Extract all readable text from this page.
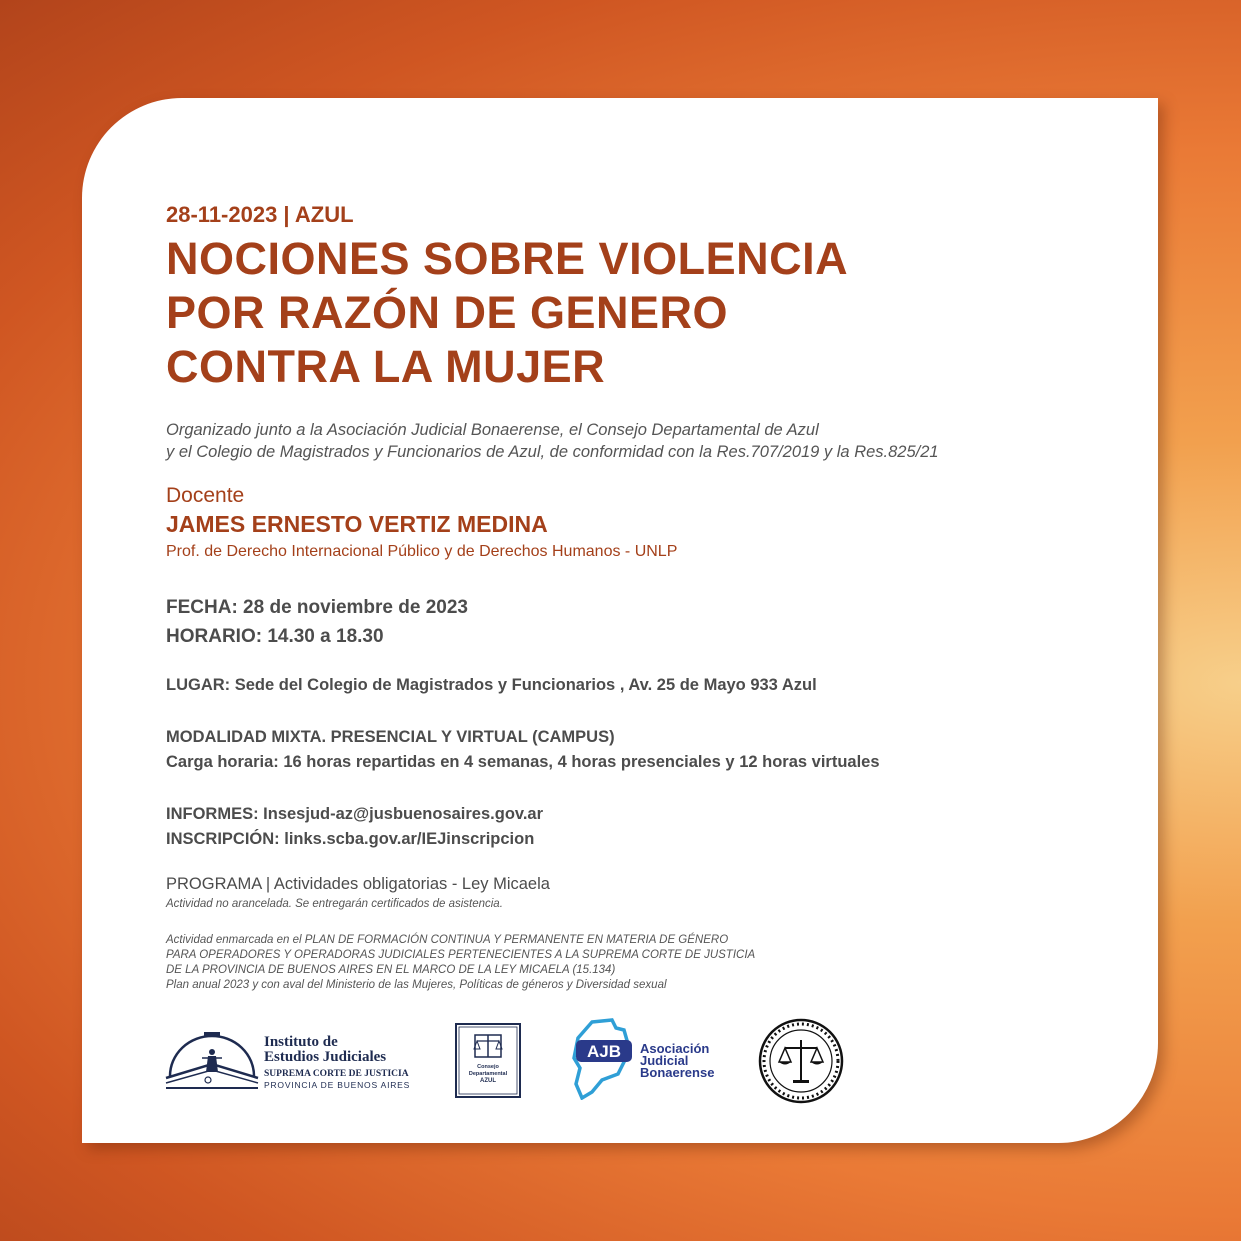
28-11-2023 | AZUL
NOCIONES SOBRE VIOLENCIA
POR RAZÓN DE GENERO
CONTRA LA MUJER
Organizado junto a la Asociación Judicial Bonaerense, el Consejo Departamental de Azul
y el Colegio de Magistrados y Funcionarios de Azul, de conformidad con la Res.707/2019 y la Res.825/21
Docente
JAMES ERNESTO VERTIZ MEDINA
Prof. de Derecho Internacional Público y de Derechos Humanos - UNLP
FECHA: 28 de noviembre de 2023
HORARIO: 14.30 a 18.30
LUGAR: Sede del Colegio de Magistrados y Funcionarios , Av. 25 de Mayo 933 Azul
MODALIDAD MIXTA. PRESENCIAL Y VIRTUAL (CAMPUS)
Carga horaria: 16 horas repartidas en 4 semanas, 4 horas presenciales y 12 horas virtuales
INFORMES: Insesjud-az@jusbuenosaires.gov.ar
INSCRIPCIÓN: links.scba.gov.ar/IEJinscripcion
PROGRAMA | Actividades obligatorias - Ley Micaela
Actividad no arancelada. Se entregarán certificados de asistencia.
Actividad enmarcada en el PLAN DE FORMACIÓN CONTINUA Y PERMANENTE EN MATERIA DE GÉNERO
PARA OPERADORES Y OPERADORAS JUDICIALES PERTENECIENTES A LA SUPREMA CORTE DE JUSTICIA
DE LA PROVINCIA DE BUENOS AIRES EN EL MARCO DE LA LEY MICAELA (15.134)
Plan anual 2023 y con aval del Ministerio de las Mujeres, Políticas de géneros y Diversidad sexual
Instituto de
Estudios Judiciales
SUPREMA CORTE DE JUSTICIA
PROVINCIA DE BUENOS AIRES
Consejo
Departamental
AZUL
AJB Asociación
Judicial
Bonaerense
